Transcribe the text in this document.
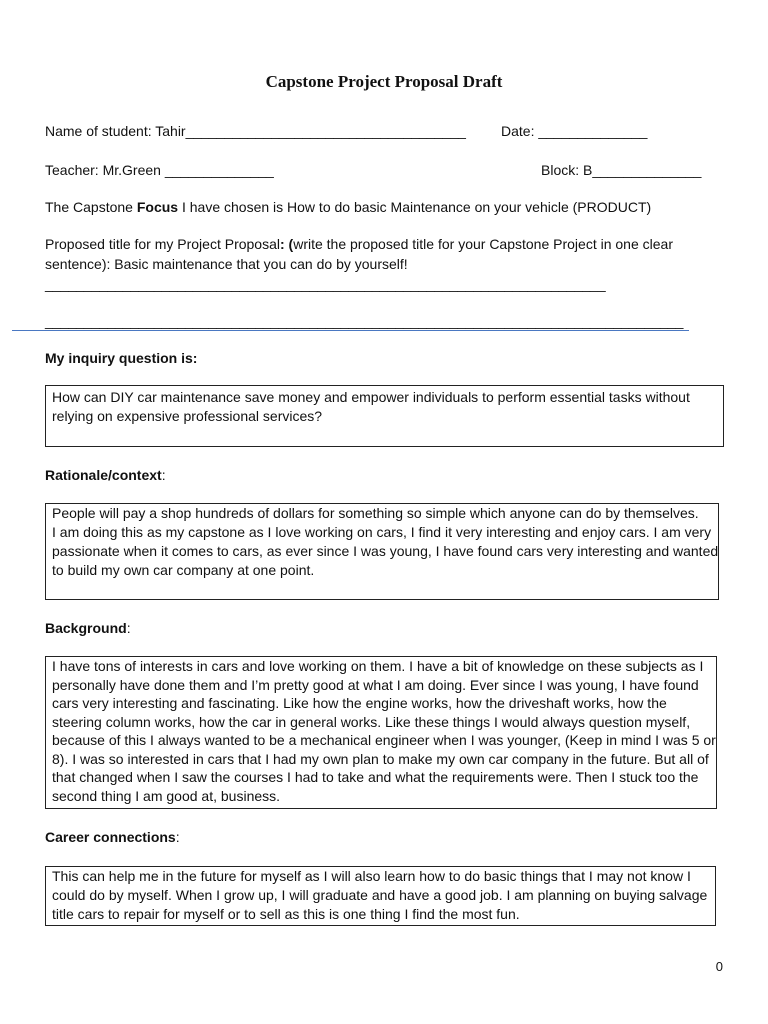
Capstone Project Proposal Draft
Name of student: Tahir____________________________________	Date: ______________
Teacher: Mr.Green ______________	Block: B______________
The Capstone Focus I have chosen is How to do basic Maintenance on your vehicle (PRODUCT)
Proposed title for my Project Proposal: (write the proposed title for your Capstone Project in one clear
sentence): Basic maintenance that you can do by yourself!
________________________________________________________________________
__________________________________________________________________________________
My inquiry question is:
How can DIY car maintenance save money and empower individuals to perform essential tasks without
relying on expensive professional services?
Rationale/context:
People will pay a shop hundreds of dollars for something so simple which anyone can do by themselves.
I am doing this as my capstone as I love working on cars, I find it very interesting and enjoy cars. I am very
passionate when it comes to cars, as ever since I was young, I have found cars very interesting and wanted
to build my own car company at one point.
Background:
I have tons of interests in cars and love working on them. I have a bit of knowledge on these subjects as I
personally have done them and I’m pretty good at what I am doing. Ever since I was young, I have found
cars very interesting and fascinating. Like how the engine works, how the driveshaft works, how the
steering column works, how the car in general works. Like these things I would always question myself,
because of this I always wanted to be a mechanical engineer when I was younger, (Keep in mind I was 5 or
8). I was so interested in cars that I had my own plan to make my own car company in the future. But all of
that changed when I saw the courses I had to take and what the requirements were. Then I stuck too the
second thing I am good at, business.
Career connections:
This can help me in the future for myself as I will also learn how to do basic things that I may not know I
could do by myself. When I grow up, I will graduate and have a good job. I am planning on buying salvage
title cars to repair for myself or to sell as this is one thing I find the most fun.
0
